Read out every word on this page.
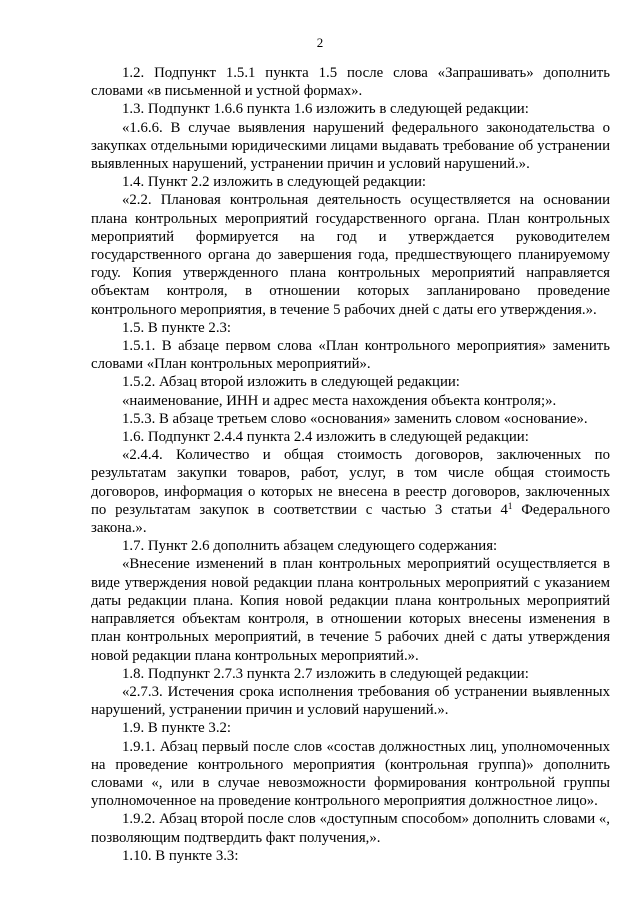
2

1.2. Подпункт 1.5.1 пункта 1.5 после слова «Запрашивать» дополнить словами «в письменной и устной формах».

1.3. Подпункт 1.6.6 пункта 1.6 изложить в следующей редакции:

«1.6.6. В случае выявления нарушений федерального законодательства о закупках отдельными юридическими лицами выдавать требование об устранении выявленных нарушений, устранении причин и условий нарушений.».

1.4. Пункт 2.2 изложить в следующей редакции:

«2.2. Плановая контрольная деятельность осуществляется на основании плана контрольных мероприятий государственного органа. План контрольных мероприятий формируется на год и утверждается руководителем государственного органа до завершения года, предшествующего планируемому году. Копия утвержденного плана контрольных мероприятий направляется объектам контроля, в отношении которых запланировано проведение контрольного мероприятия, в течение 5 рабочих дней с даты его утверждения.».

1.5. В пункте 2.3:

1.5.1. В абзаце первом слова «План контрольного мероприятия» заменить словами «План контрольных мероприятий».

1.5.2. Абзац второй изложить в следующей редакции:

«наименование, ИНН и адрес места нахождения объекта контроля;».

1.5.3. В абзаце третьем слово «основания» заменить словом «основание».

1.6. Подпункт 2.4.4 пункта 2.4 изложить в следующей редакции:

«2.4.4. Количество и общая стоимость договоров, заключенных по результатам закупки товаров, работ, услуг, в том числе общая стоимость договоров, информация о которых не внесена в реестр договоров, заключенных по результатам закупок в соответствии с частью 3 статьи $4^1$ Федерального закона.».

1.7. Пункт 2.6 дополнить абзацем следующего содержания:

«Внесение изменений в план контрольных мероприятий осуществляется в виде утверждения новой редакции плана контрольных мероприятий с указанием даты редакции плана. Копия новой редакции плана контрольных мероприятий направляется объектам контроля, в отношении которых внесены изменения в план контрольных мероприятий, в течение 5 рабочих дней с даты утверждения новой редакции плана контрольных мероприятий.».

1.8. Подпункт 2.7.3 пункта 2.7 изложить в следующей редакции:

«2.7.3. Истечения срока исполнения требования об устранении выявленных нарушений, устранении причин и условий нарушений.».

1.9. В пункте 3.2:

1.9.1. Абзац первый после слов «состав должностных лиц, уполномоченных на проведение контрольного мероприятия (контрольная группа)» дополнить словами «, или в случае невозможности формирования контрольной группы уполномоченное на проведение контрольного мероприятия должностное лицо».

1.9.2. Абзац второй после слов «доступным способом» дополнить словами «, позволяющим подтвердить факт получения,».

1.10. В пункте 3.3:
